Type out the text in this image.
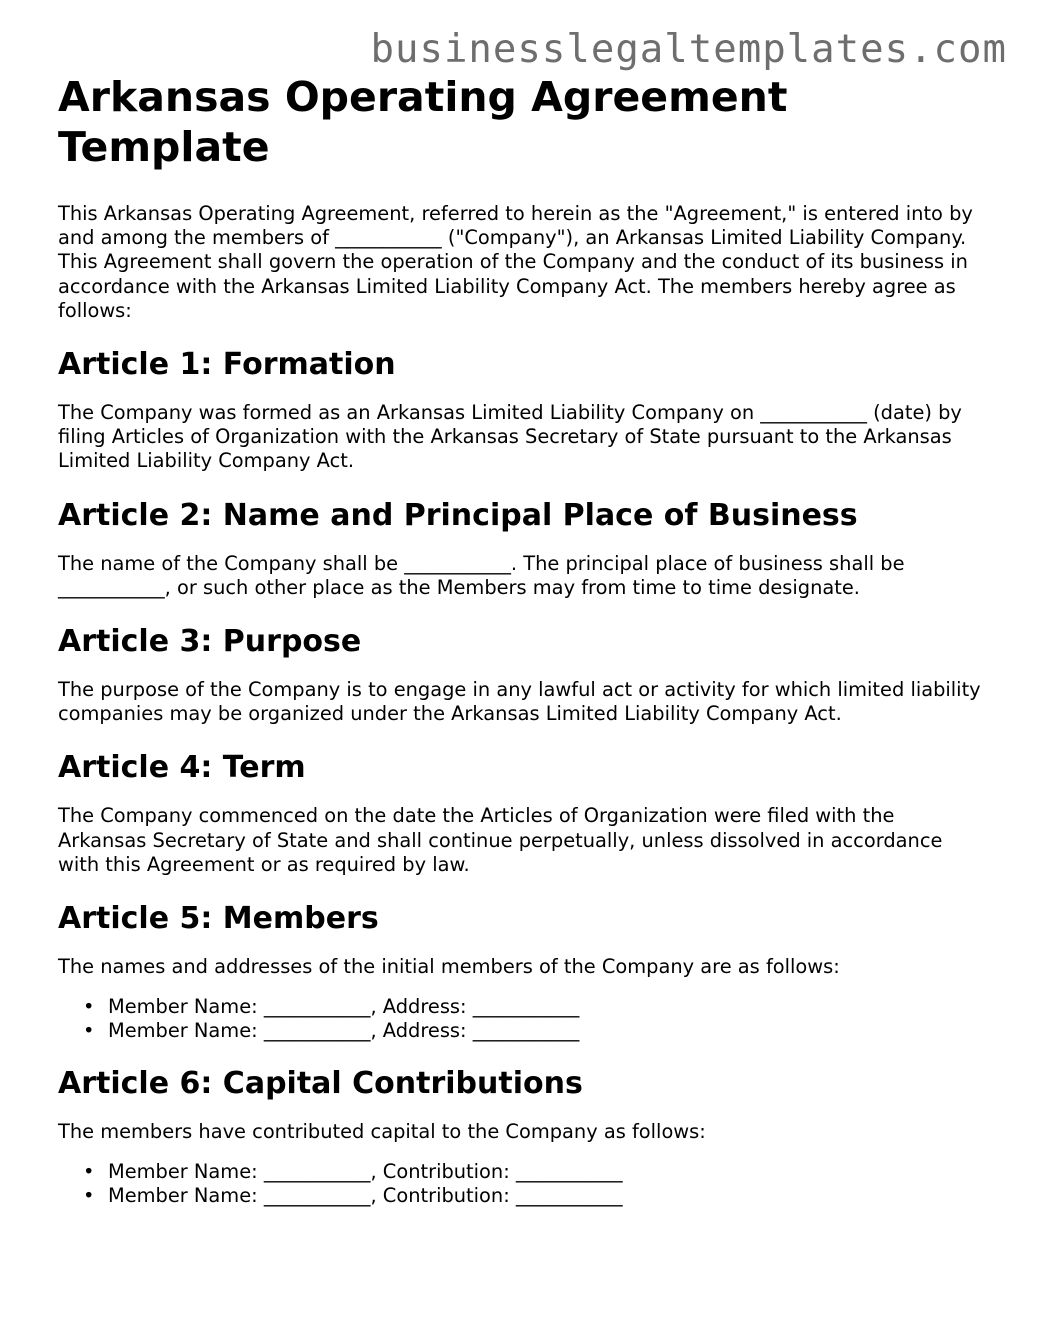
businesslegaltemplates.com
Arkansas Operating Agreement Template

This Arkansas Operating Agreement, referred to herein as the "Agreement," is entered into by and among the members of ___________ ("Company"), an Arkansas Limited Liability Company. This Agreement shall govern the operation of the Company and the conduct of its business in accordance with the Arkansas Limited Liability Company Act. The members hereby agree as follows:

Article 1: Formation

The Company was formed as an Arkansas Limited Liability Company on ___________ (date) by filing Articles of Organization with the Arkansas Secretary of State pursuant to the Arkansas Limited Liability Company Act.

Article 2: Name and Principal Place of Business

The name of the Company shall be ___________. The principal place of business shall be ___________, or such other place as the Members may from time to time designate.

Article 3: Purpose

The purpose of the Company is to engage in any lawful act or activity for which limited liability companies may be organized under the Arkansas Limited Liability Company Act.

Article 4: Term

The Company commenced on the date the Articles of Organization were filed with the Arkansas Secretary of State and shall continue perpetually, unless dissolved in accordance with this Agreement or as required by law.

Article 5: Members

The names and addresses of the initial members of the Company are as follows:

• Member Name: ___________, Address: ___________
• Member Name: ___________, Address: ___________
Article 6: Capital Contributions

The members have contributed capital to the Company as follows:

• Member Name: ___________, Contribution: ___________
• Member Name: ___________, Contribution: ___________
